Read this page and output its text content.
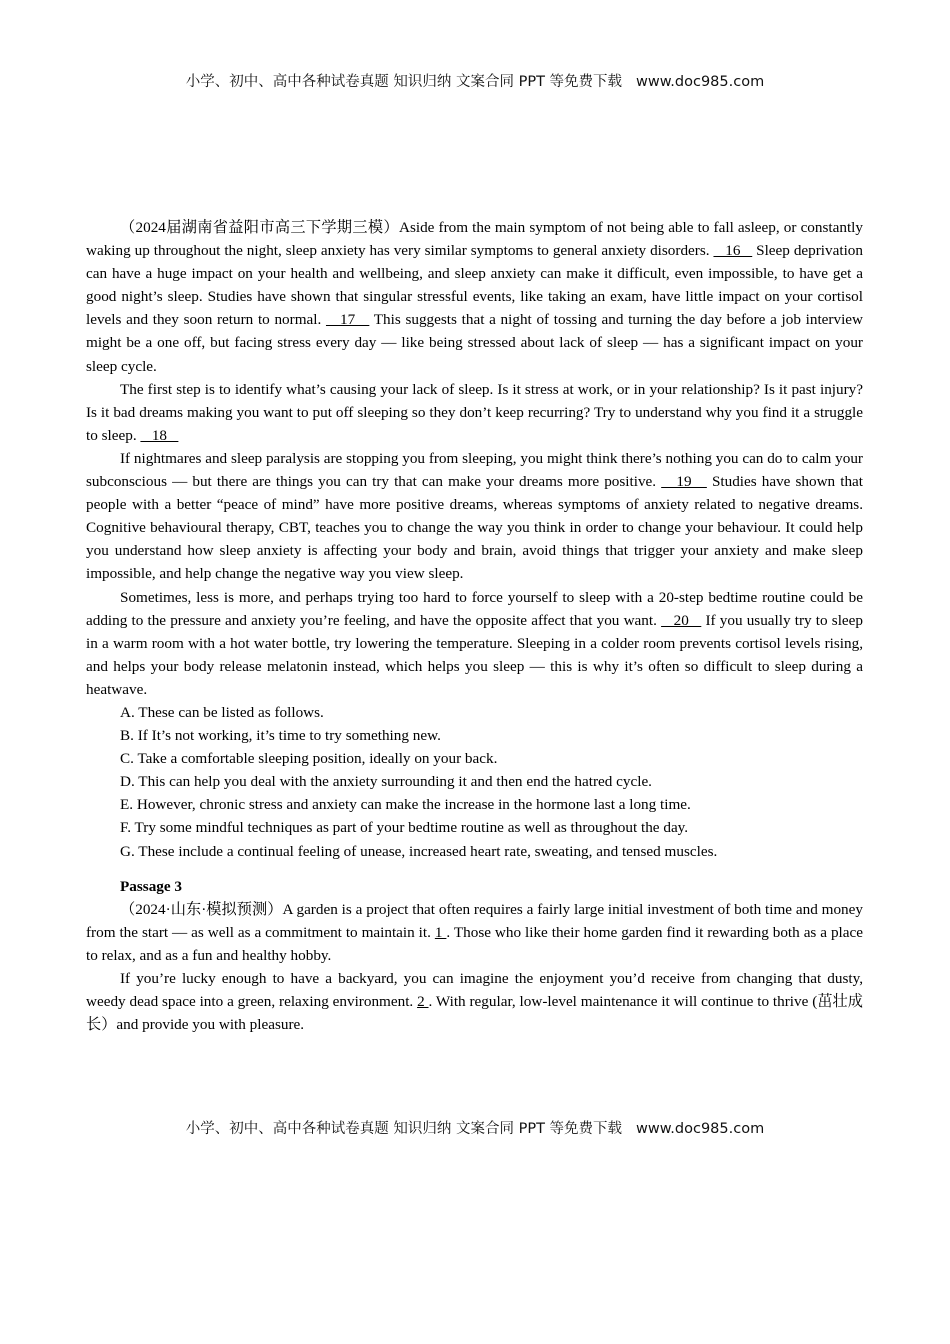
小学、初中、高中各种试卷真题 知识归纳 文案合同 PPT 等免费下载 www.doc985.com

（2024届湖南省益阳市高三下学期三模）Aside from the main symptom of not being able to fall asleep, or constantly waking up throughout the night, sleep anxiety has very similar symptoms to general anxiety disorders.    16    Sleep deprivation can have a huge impact on your health and wellbeing, and sleep anxiety can make it difficult, even impossible, to have get a good night’s sleep. Studies have shown that singular stressful events, like taking an exam, have little impact on your cortisol levels and they soon return to normal.    17    This suggests that a night of tossing and turning the day before a job interview might be a one off, but facing stress every day — like being stressed about lack of sleep — has a significant impact on your sleep cycle.

The first step is to identify what’s causing your lack of sleep. Is it stress at work, or in your relationship? Is it past injury? Is it bad dreams making you want to put off sleeping so they don’t keep recurring? Try to understand why you find it a struggle to sleep.    18

If nightmares and sleep paralysis are stopping you from sleeping, you might think there’s nothing you can do to calm your subconscious — but there are things you can try that can make your dreams more positive.    19    Studies have shown that people with a better “peace of mind” have more positive dreams, whereas symptoms of anxiety related to negative dreams. Cognitive behavioural therapy, CBT, teaches you to change the way you think in order to change your behaviour. It could help you understand how sleep anxiety is affecting your body and brain, avoid things that trigger your anxiety and make sleep impossible, and help change the negative way you view sleep.

Sometimes, less is more, and perhaps trying too hard to force yourself to sleep with a 20-step bedtime routine could be adding to the pressure and anxiety you’re feeling, and have the opposite affect that you want.    20    If you usually try to sleep in a warm room with a hot water bottle, try lowering the temperature. Sleeping in a colder room prevents cortisol levels rising, and helps your body release melatonin instead, which helps you sleep — this is why it’s often so difficult to sleep during a heatwave.

A. These can be listed as follows.

B. If It’s not working, it’s time to try something new.

C. Take a comfortable sleeping position, ideally on your back.

D. This can help you deal with the anxiety surrounding it and then end the hatred cycle.

E. However, chronic stress and anxiety can make the increase in the hormone last a long time.

F. Try some mindful techniques as part of your bedtime routine as well as throughout the day.

G. These include a continual feeling of unease, increased heart rate, sweating, and tensed muscles.

Passage 3

（2024·山东·模拟预测）A garden is a project that often requires a fairly large initial investment of both time and money from the start — as well as a commitment to maintain it. 1 . Those who like their home garden find it rewarding both as a place to relax, and as a fun and healthy hobby.

If you’re lucky enough to have a backyard, you can imagine the enjoyment you’d receive from changing that dusty, weedy dead space into a green, relaxing environment. 2 . With regular, low-level maintenance it will continue to thrive (茁壮成长）and provide you with pleasure.

小学、初中、高中各种试卷真题 知识归纳 文案合同 PPT 等免费下载 www.doc985.com
